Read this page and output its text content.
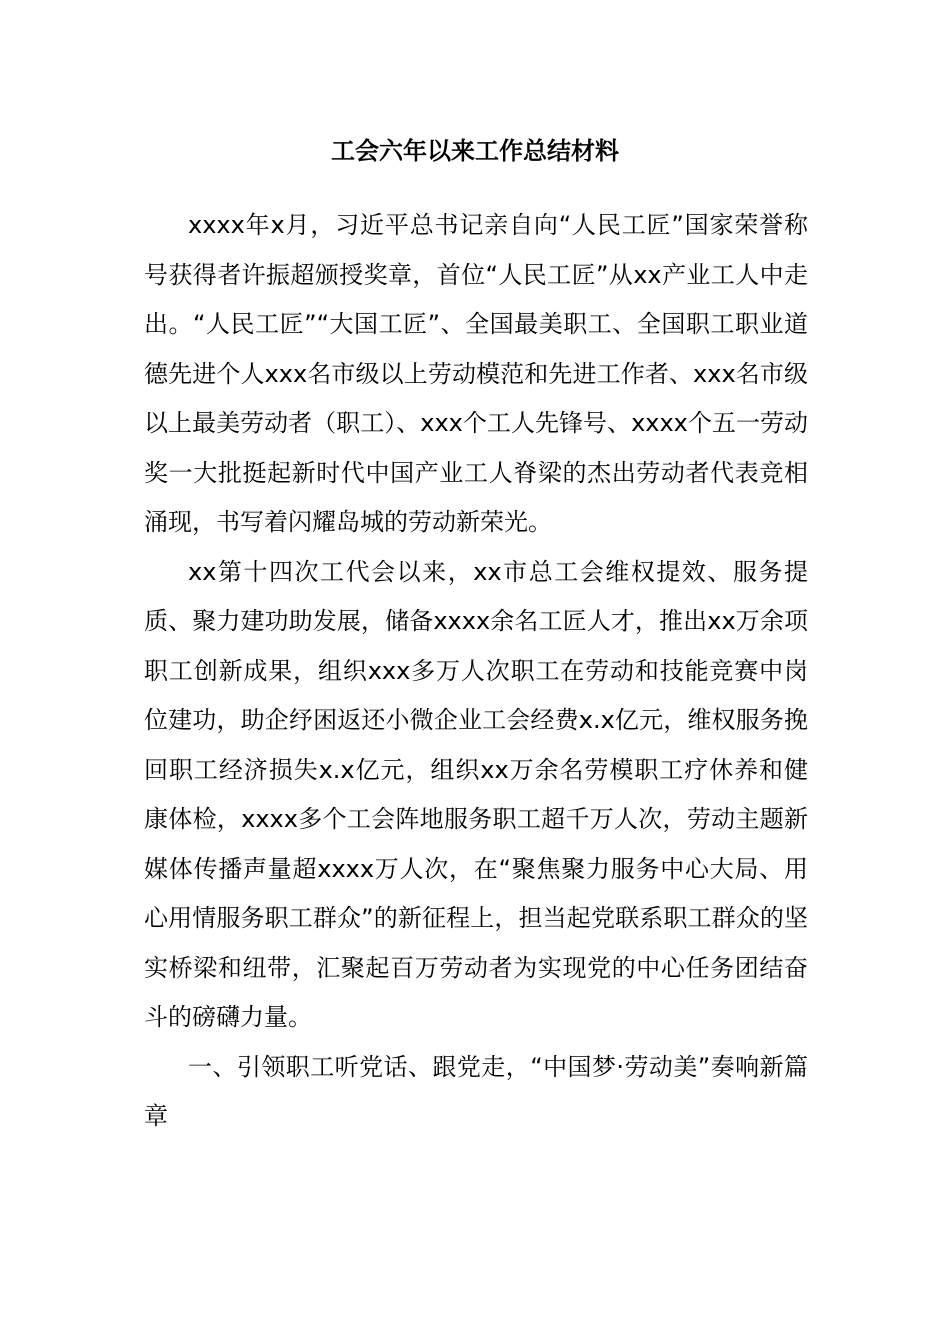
工会六年以来工作总结材料

xxxx年x月，习近平总书记亲自向“人民工匠”国家荣誉称号获得者许振超颁授奖章，首位“人民工匠”从xx产业工人中走出。“人民工匠”“大国工匠”、全国最美职工、全国职工职业道德先进个人xxx名市级以上劳动模范和先进工作者、xxx名市级以上最美劳动者（职工）、xxx个工人先锋号、xxxx个五一劳动奖一大批挺起新时代中国产业工人脊梁的杰出劳动者代表竞相涌现，书写着闪耀岛城的劳动新荣光。

xx第十四次工代会以来，xx市总工会维权提效、服务提质、聚力建功助发展，储备xxxx余名工匠人才，推出xx万余项职工创新成果，组织xxx多万人次职工在劳动和技能竞赛中岗位建功，助企纾困返还小微企业工会经费x.x亿元，维权服务挽回职工经济损失x.x亿元，组织xx万余名劳模职工疗休养和健康体检，xxxx多个工会阵地服务职工超千万人次，劳动主题新媒体传播声量超xxxx万人次，在“聚焦聚力服务中心大局、用心用情服务职工群众”的新征程上，担当起党联系职工群众的坚实桥梁和纽带，汇聚起百万劳动者为实现党的中心任务团结奋斗的磅礴力量。

一、引领职工听党话、跟党走，“中国梦·劳动美”奏响新篇章
